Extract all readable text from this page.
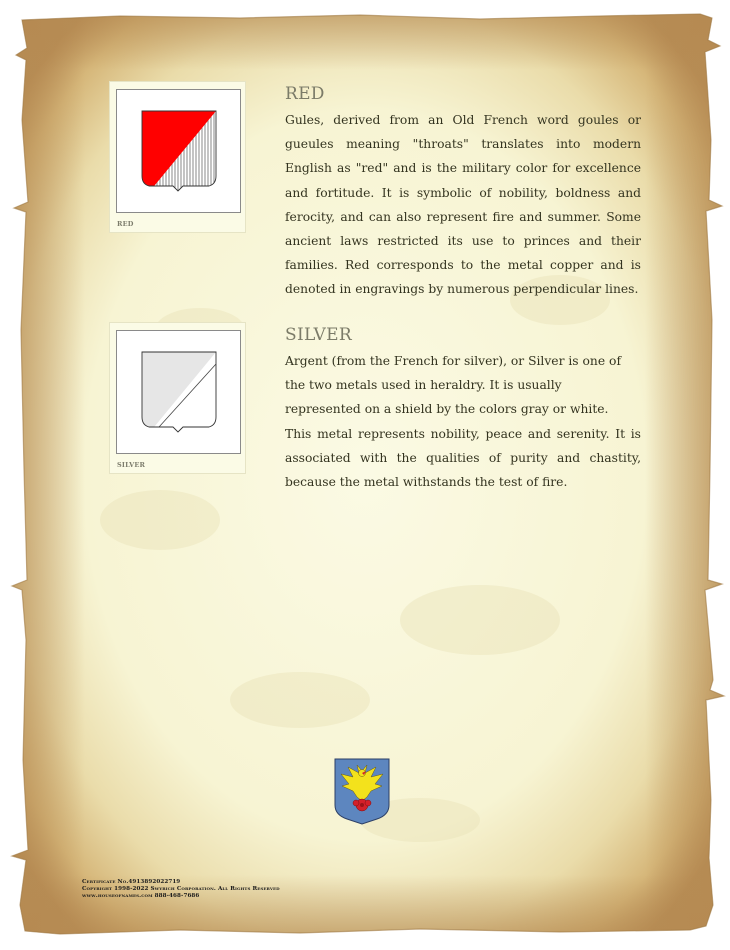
RED
RED

Gules, derived from an Old French word goules or gueules meaning "throats" translates into modern English as "red" and is the military color for excellence and fortitude. It is symbolic of nobility, boldness and ferocity, and can also represent fire and summer. Some ancient laws restricted its use to princes and their families. Red corresponds to the metal copper and is denoted in engravings by numerous perpendicular lines.

SILVER
SILVER

Argent (from the French for silver), or Silver is one of the two metals used in heraldry. It is usually represented on a shield by the colors gray or white.

This metal represents nobility, peace and serenity. It is associated with the qualities of purity and chastity, because the metal withstands the test of fire.

Certificate No.4913892022719
Copyright 1998-2022 Swyrich Corporation. All Rights Reserved
www.houseofnames.com 888-468-7686
